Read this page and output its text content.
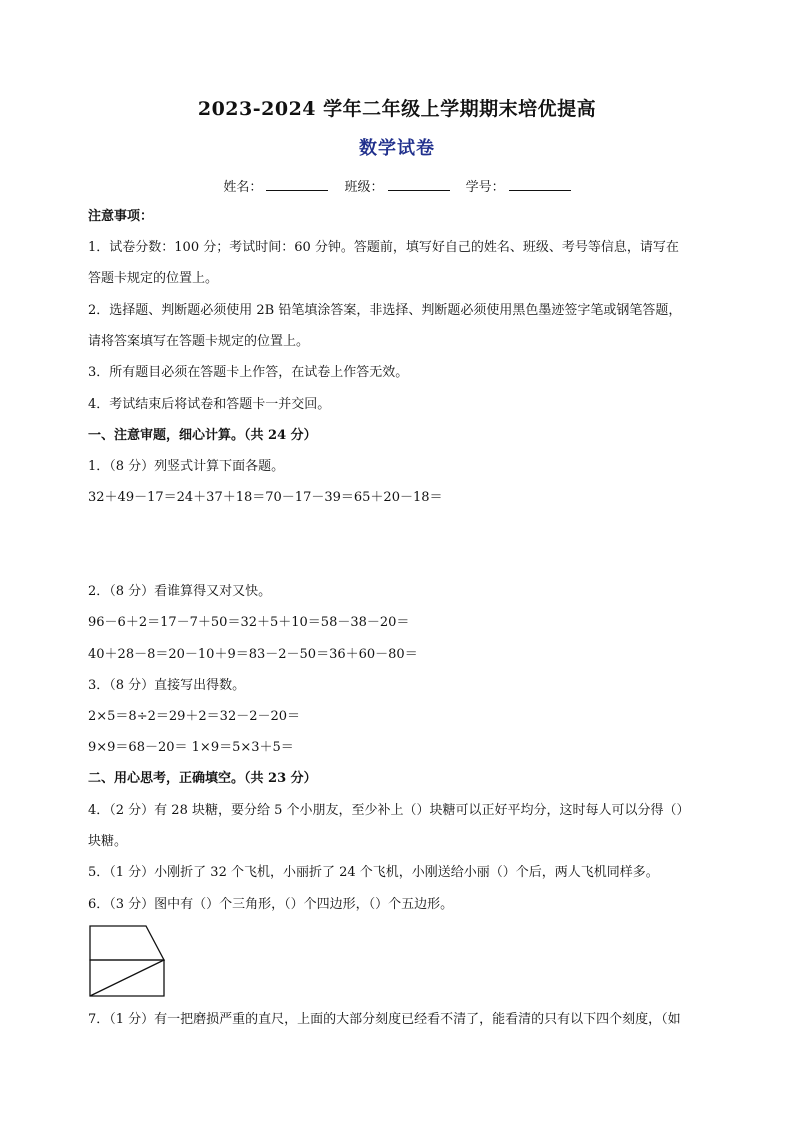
2023-2024 学年二年级上学期期末培优提高
数学试卷
姓名：	班级：	学号：
注意事项：
1．试卷分数：100 分；考试时间：60 分钟。答题前，填写好自己的姓名、班级、考号等信息，请写在
答题卡规定的位置上。
2．选择题、判断题必须使用 2B 铅笔填涂答案，非选择、判断题必须使用黑色墨迹签字笔或钢笔答题，
请将答案填写在答题卡规定的位置上。
3．所有题目必须在答题卡上作答，在试卷上作答无效。
4．考试结束后将试卷和答题卡一并交回。
一、注意审题，细心计算。（共 24 分）
1．（8 分）列竖式计算下面各题。
32＋49－17＝24＋37＋18＝70－17－39＝65＋20－18＝
2．（8 分）看谁算得又对又快。
96－6＋2＝17－7＋50＝32＋5＋10＝58－38－20＝
40＋28－8＝20－10＋9＝83－2－50＝36＋60－80＝
3．（8 分）直接写出得数。
2×5＝8÷2＝29＋2＝32－2－20＝
9×9＝68－20＝ 1×9＝5×3＋5＝
二、用心思考，正确填空。（共 23 分）
4．（2 分）有 28 块糖，要分给 5 个小朋友，至少补上（）块糖可以正好平均分，这时每人可以分得（）
块糖。
5．（1 分）小刚折了 32 个飞机，小丽折了 24 个飞机，小刚送给小丽（）个后，两人飞机同样多。
6．（3 分）图中有（）个三角形，（）个四边形，（）个五边形。
7．（1 分）有一把磨损严重的直尺，上面的大部分刻度已经看不清了，能看清的只有以下四个刻度，（如
